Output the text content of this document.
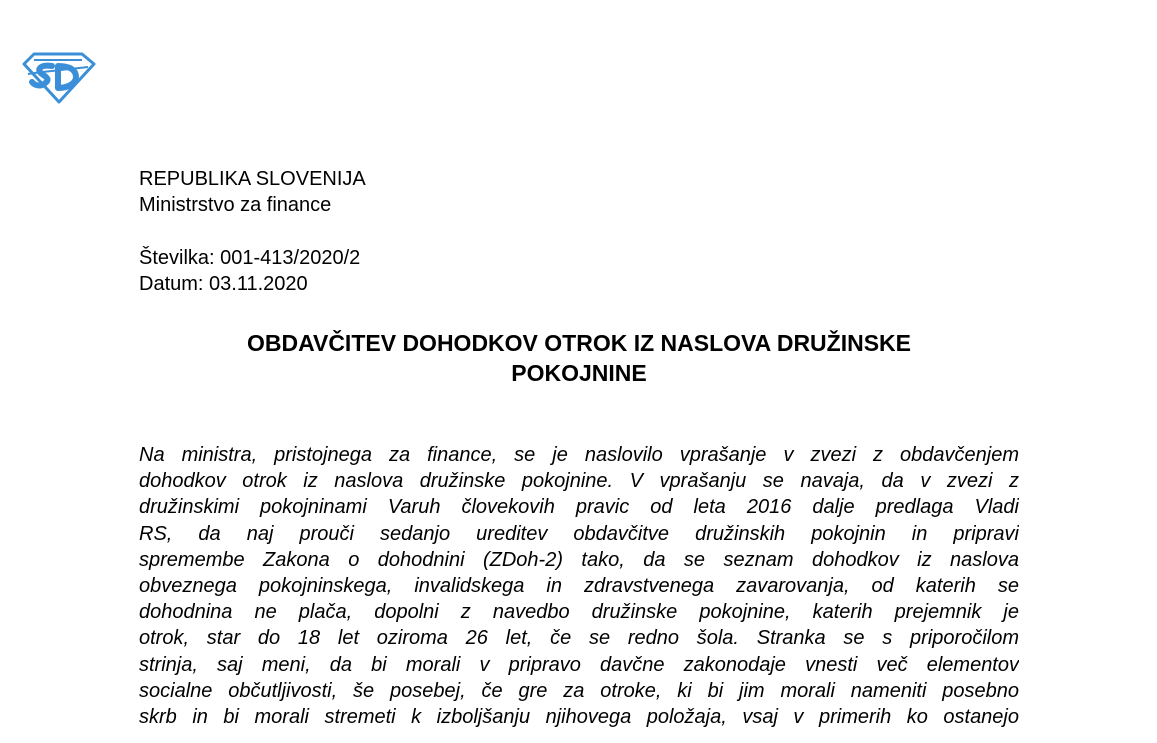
REPUBLIKA SLOVENIJA
Ministrstvo za finance
Številka: 001-413/2020/2
Datum: 03.11.2020
OBDAVČITEV DOHODKOV OTROK IZ NASLOVA DRUŽINSKE
POKOJNINE
Na ministra, pristojnega za finance, se je naslovilo vprašanje v zvezi z obdavčenjem
dohodkov otrok iz naslova družinske pokojnine. V vprašanju se navaja, da v zvezi z
družinskimi pokojninami Varuh človekovih pravic od leta 2016 dalje predlaga Vladi
RS, da naj prouči sedanjo ureditev obdavčitve družinskih pokojnin in pripravi
spremembe Zakona o dohodnini (ZDoh-2) tako, da se seznam dohodkov iz naslova
obveznega pokojninskega, invalidskega in zdravstvenega zavarovanja, od katerih se
dohodnina ne plača, dopolni z navedbo družinske pokojnine, katerih prejemnik je
otrok, star do 18 let oziroma 26 let, če se redno šola. Stranka se s priporočilom
strinja, saj meni, da bi morali v pripravo davčne zakonodaje vnesti več elementov
socialne občutljivosti, še posebej, če gre za otroke, ki bi jim morali nameniti posebno
skrb in bi morali stremeti k izboljšanju njihovega položaja, vsaj v primerih ko ostanejo
